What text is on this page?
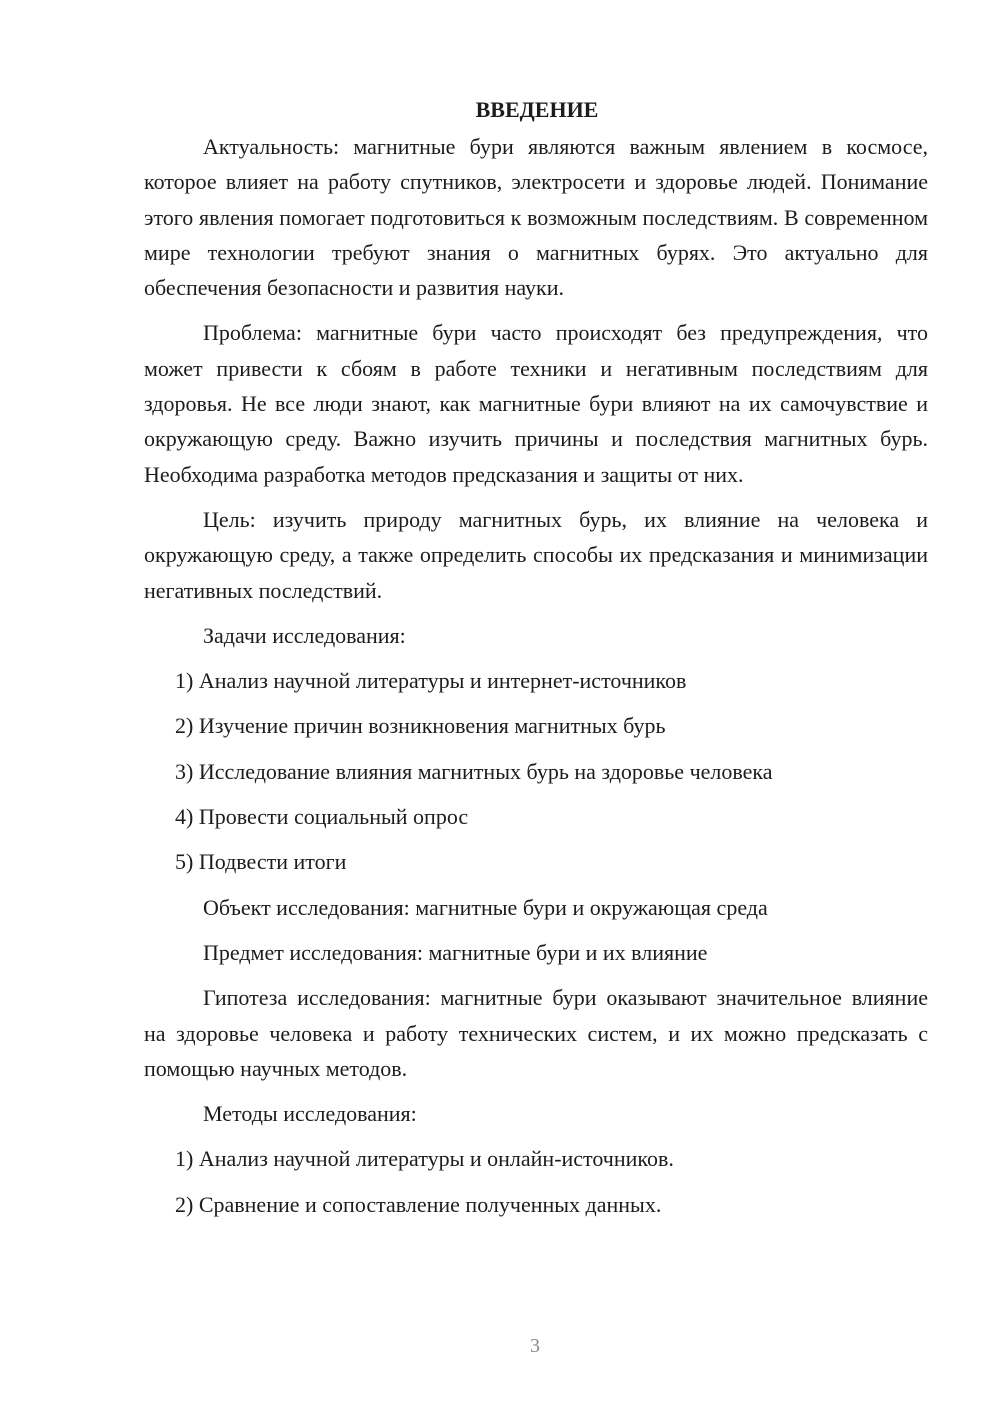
ВВЕДЕНИЕ

Актуальность: магнитные бури являются важным явлением в космосе, которое влияет на работу спутников, электросети и здоровье людей. Понимание этого явления помогает подготовиться к возможным последствиям. В современном мире технологии требуют знания о магнитных бурях. Это актуально для обеспечения безопасности и развития науки.

Проблема: магнитные бури часто происходят без предупреждения, что может привести к сбоям в работе техники и негативным последствиям для здоровья. Не все люди знают, как магнитные бури влияют на их самочувствие и окружающую среду. Важно изучить причины и последствия магнитных бурь. Необходима разработка методов предсказания и защиты от них.

Цель: изучить природу магнитных бурь, их влияние на человека и окружающую среду, а также определить способы их предсказания и минимизации негативных последствий.

Задачи исследования:
1) Анализ научной литературы и интернет-источников
2) Изучение причин возникновения магнитных бурь
3) Исследование влияния магнитных бурь на здоровье человека
4) Провести социальный опрос
5) Подвести итоги
Объект исследования: магнитные бури и окружающая среда
Предмет исследования: магнитные бури и их влияние

Гипотеза исследования: магнитные бури оказывают значительное влияние на здоровье человека и работу технических систем, и их можно предсказать с помощью научных методов.

Методы исследования:
1) Анализ научной литературы и онлайн-источников.
2) Сравнение и сопоставление полученных данных.
3
